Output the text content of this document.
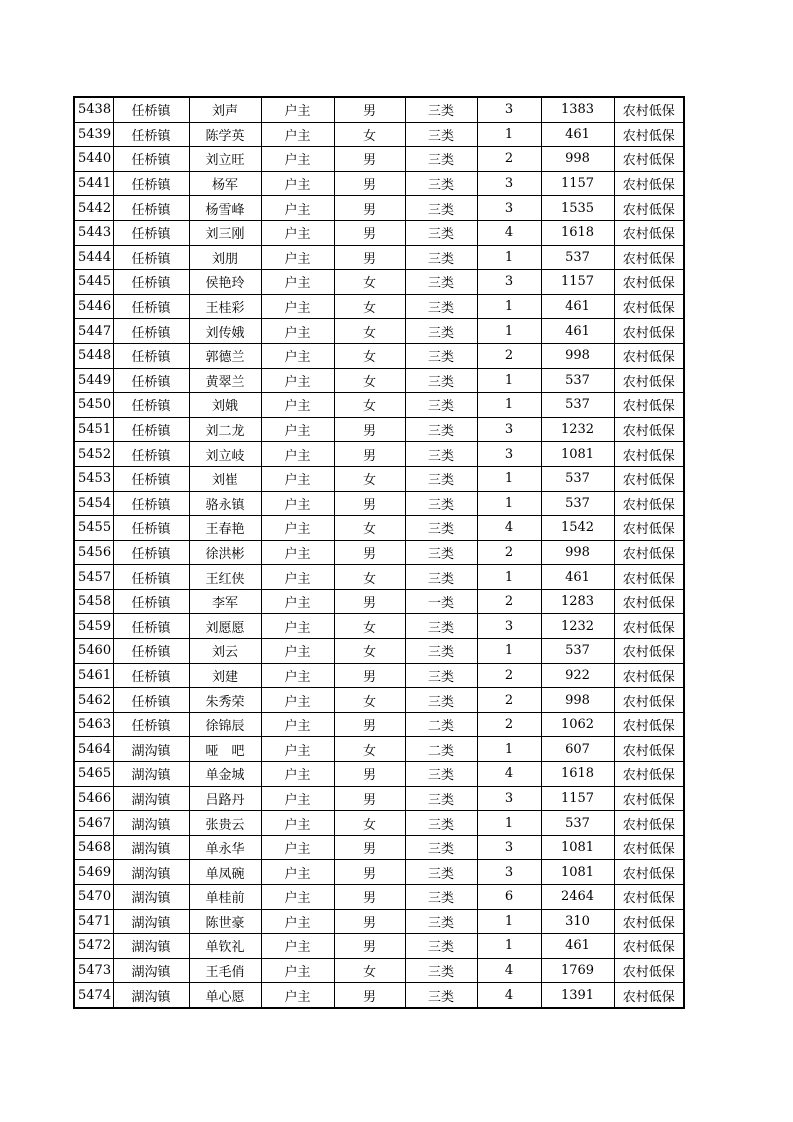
5438	任桥镇	刘声	户主	男	三类	3	1383	农村低保
5439	任桥镇	陈学英	户主	女	三类	1	461	农村低保
5440	任桥镇	刘立旺	户主	男	三类	2	998	农村低保
5441	任桥镇	杨军	户主	男	三类	3	1157	农村低保
5442	任桥镇	杨雪峰	户主	男	三类	3	1535	农村低保
5443	任桥镇	刘三刚	户主	男	三类	4	1618	农村低保
5444	任桥镇	刘朋	户主	男	三类	1	537	农村低保
5445	任桥镇	侯艳玲	户主	女	三类	3	1157	农村低保
5446	任桥镇	王桂彩	户主	女	三类	1	461	农村低保
5447	任桥镇	刘传娥	户主	女	三类	1	461	农村低保
5448	任桥镇	郭德兰	户主	女	三类	2	998	农村低保
5449	任桥镇	黄翠兰	户主	女	三类	1	537	农村低保
5450	任桥镇	刘娥	户主	女	三类	1	537	农村低保
5451	任桥镇	刘二龙	户主	男	三类	3	1232	农村低保
5452	任桥镇	刘立岐	户主	男	三类	3	1081	农村低保
5453	任桥镇	刘崔	户主	女	三类	1	537	农村低保
5454	任桥镇	骆永镇	户主	男	三类	1	537	农村低保
5455	任桥镇	王春艳	户主	女	三类	4	1542	农村低保
5456	任桥镇	徐洪彬	户主	男	三类	2	998	农村低保
5457	任桥镇	王红侠	户主	女	三类	1	461	农村低保
5458	任桥镇	李军	户主	男	一类	2	1283	农村低保
5459	任桥镇	刘愿愿	户主	女	三类	3	1232	农村低保
5460	任桥镇	刘云	户主	女	三类	1	537	农村低保
5461	任桥镇	刘建	户主	男	三类	2	922	农村低保
5462	任桥镇	朱秀荣	户主	女	三类	2	998	农村低保
5463	任桥镇	徐锦辰	户主	男	二类	2	1062	农村低保
5464	湖沟镇	哑　吧	户主	女	二类	1	607	农村低保
5465	湖沟镇	单金城	户主	男	三类	4	1618	农村低保
5466	湖沟镇	吕路丹	户主	男	三类	3	1157	农村低保
5467	湖沟镇	张贵云	户主	女	三类	1	537	农村低保
5468	湖沟镇	单永华	户主	男	三类	3	1081	农村低保
5469	湖沟镇	单凤碗	户主	男	三类	3	1081	农村低保
5470	湖沟镇	单桂前	户主	男	三类	6	2464	农村低保
5471	湖沟镇	陈世豪	户主	男	三类	1	310	农村低保
5472	湖沟镇	单钦礼	户主	男	三类	1	461	农村低保
5473	湖沟镇	王毛俏	户主	女	三类	4	1769	农村低保
5474	湖沟镇	单心愿	户主	男	三类	4	1391	农村低保
